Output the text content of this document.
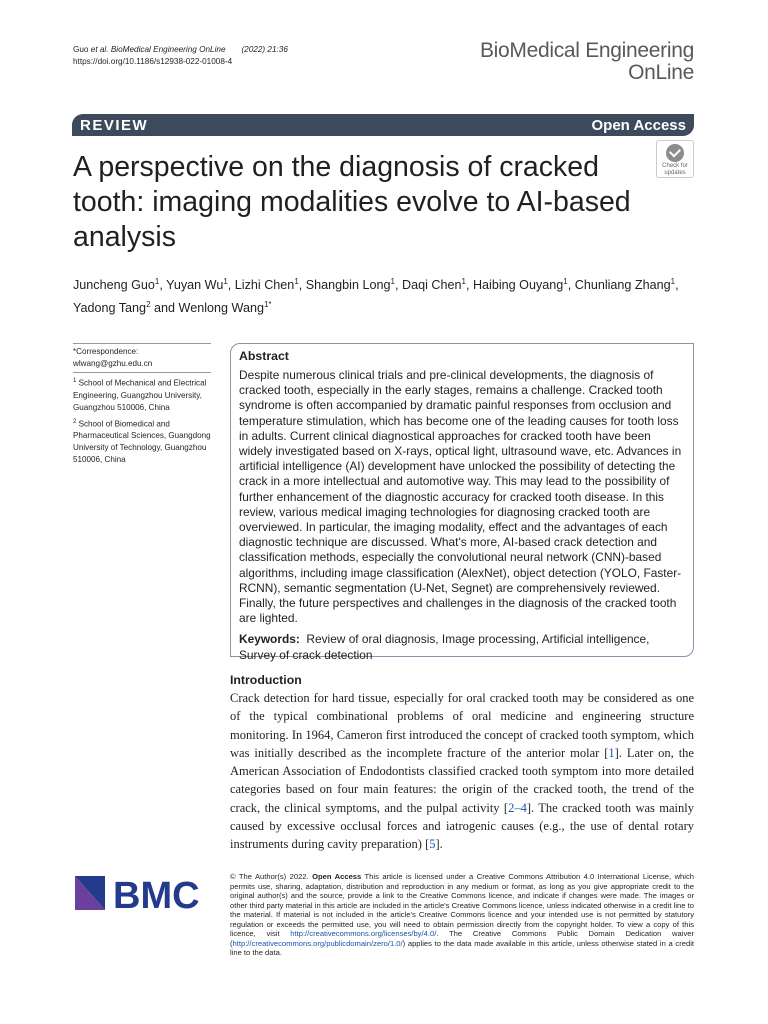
Guo et al. BioMedical Engineering OnLine (2022) 21:36
https://doi.org/10.1186/s12938-022-01008-4	BioMedical Engineering
OnLine
REVIEW	Open Access
A perspective on the diagnosis of cracked tooth: imaging modalities evolve to AI-based analysis
Check for updates
Juncheng Guo$^1$, Yuyan Wu$^1$, Lizhi Chen$^1$, Shangbin Long$^1$, Daqi Chen$^1$, Haibing Ouyang$^1$, Chunliang Zhang$^1$, Yadong Tang$^2$ and Wenlong Wang$^{1*}$
*Correspondence:
wlwang@gzhu.edu.cn
$^1$ School of Mechanical and Electrical Engineering, Guangzhou University, Guangzhou 510006, China
$^2$ School of Biomedical and Pharmaceutical Sciences, Guangdong University of Technology, Guangzhou 510006, China
Abstract
Despite numerous clinical trials and pre-clinical developments, the diagnosis of cracked tooth, especially in the early stages, remains a challenge. Cracked tooth syndrome is often accompanied by dramatic painful responses from occlusion and temperature stimulation, which has become one of the leading causes for tooth loss in adults. Current clinical diagnostical approaches for cracked tooth have been widely investigated based on X-rays, optical light, ultrasound wave, etc. Advances in artificial intelligence (AI) development have unlocked the possibility of detecting the crack in a more intellectual and automotive way. This may lead to the possibility of further enhancement of the diagnostic accuracy for cracked tooth disease. In this review, various medical imaging technologies for diagnosing cracked tooth are overviewed. In particular, the imaging modality, effect and the advantages of each diagnostic technique are discussed. What's more, AI-based crack detection and classification methods, especially the convolutional neural network (CNN)-based algorithms, including image classification (AlexNet), object detection (YOLO, Faster-RCNN), semantic segmentation (U-Net, Segnet) are comprehensively reviewed. Finally, the future perspectives and challenges in the diagnosis of the cracked tooth are lighted.
Keywords: Review of oral diagnosis, Image processing, Artificial intelligence, Survey of crack detection
Introduction
Crack detection for hard tissue, especially for oral cracked tooth may be considered as one of the typical combinational problems of oral medicine and engineering structure monitoring. In 1964, Cameron first introduced the concept of cracked tooth symptom, which was initially described as the incomplete fracture of the anterior molar [1]. Later on, the American Association of Endodontists classified cracked tooth symptom into more detailed categories based on four main features: the origin of the cracked tooth, the trend of the crack, the clinical symptoms, and the pulpal activity [2–4]. The cracked tooth was mainly caused by excessive occlusal forces and iatrogenic causes (e.g., the use of dental rotary instruments during cavity preparation) [5].
BMC	© The Author(s) 2022. Open Access This article is licensed under a Creative Commons Attribution 4.0 International License, which permits use, sharing, adaptation, distribution and reproduction in any medium or format, as long as you give appropriate credit to the original author(s) and the source, provide a link to the Creative Commons licence, and indicate if changes were made. The images or other third party material in this article are included in the article's Creative Commons licence, unless indicated otherwise in a credit line to the material. If material is not included in the article's Creative Commons licence and your intended use is not permitted by statutory regulation or exceeds the permitted use, you will need to obtain permission directly from the copyright holder. To view a copy of this licence, visit http://creativecommons.org/licenses/by/4.0/. The Creative Commons Public Domain Dedication waiver (http://creativecommons.org/publicdomain/zero/1.0/) applies to the data made available in this article, unless otherwise stated in a credit line to the data.
